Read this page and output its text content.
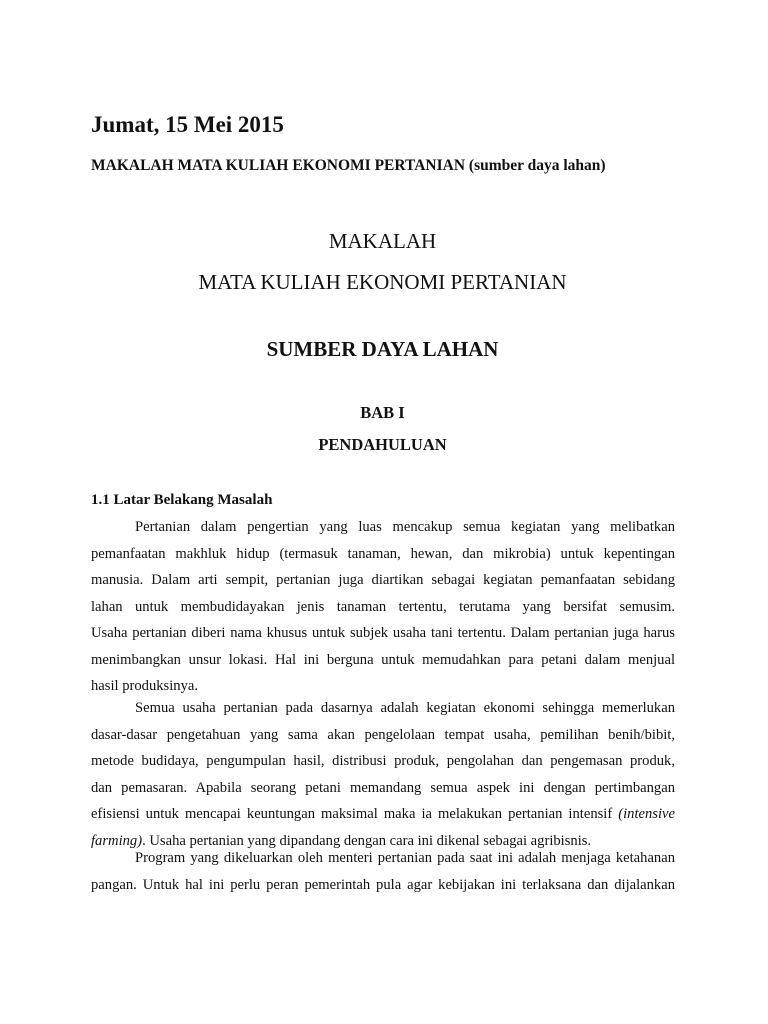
Jumat, 15 Mei 2015
MAKALAH MATA KULIAH EKONOMI PERTANIAN (sumber daya lahan)
MAKALAH
MATA KULIAH EKONOMI PERTANIAN
SUMBER DAYA LAHAN
BAB I
PENDAHULUAN
1.1 Latar Belakang Masalah
Pertanian dalam pengertian yang luas mencakup semua kegiatan yang melibatkan
pemanfaatan makhluk hidup (termasuk tanaman, hewan, dan mikrobia) untuk kepentingan
manusia. Dalam arti sempit, pertanian juga diartikan sebagai kegiatan pemanfaatan sebidang
lahan untuk membudidayakan jenis tanaman tertentu, terutama yang bersifat semusim.
Usaha pertanian diberi nama khusus untuk subjek usaha tani tertentu. Dalam pertanian juga harus
menimbangkan unsur lokasi. Hal ini berguna untuk memudahkan para petani dalam menjual
hasil produksinya.
Semua usaha pertanian pada dasarnya adalah kegiatan ekonomi sehingga memerlukan
dasar-dasar pengetahuan yang sama akan pengelolaan tempat usaha, pemilihan benih/bibit,
metode budidaya, pengumpulan hasil, distribusi produk, pengolahan dan pengemasan produk,
dan pemasaran. Apabila seorang petani memandang semua aspek ini dengan pertimbangan
efisiensi untuk mencapai keuntungan maksimal maka ia melakukan pertanian intensif (intensive
farming). Usaha pertanian yang dipandang dengan cara ini dikenal sebagai agribisnis.
Program yang dikeluarkan oleh menteri pertanian pada saat ini adalah menjaga ketahanan
pangan. Untuk hal ini perlu peran pemerintah pula agar kebijakan ini terlaksana dan dijalankan
